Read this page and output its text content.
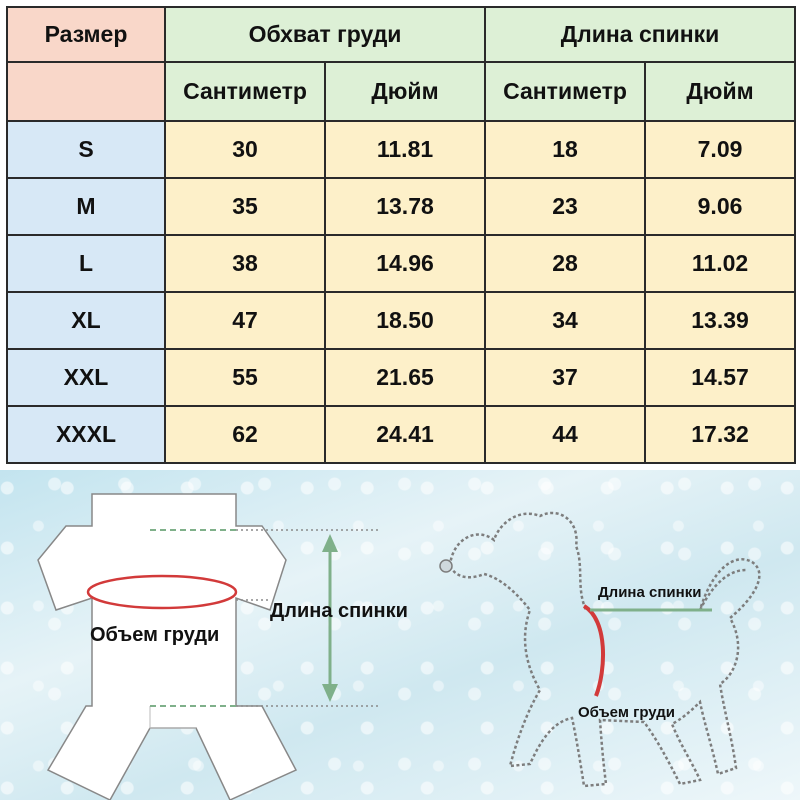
Размер	Обхват груди		Длина спинки	
	Сантиметр	Дюйм	Сантиметр	Дюйм
S	30	11.81	18	7.09
M	35	13.78	23	9.06
L	38	14.96	28	11.02
XL	47	18.50	34	13.39
XXL	55	21.65	37	14.57
XXXL	62	24.41	44	17.32
Объем груди
Длина спинки
Длина спинки
Объем груди
